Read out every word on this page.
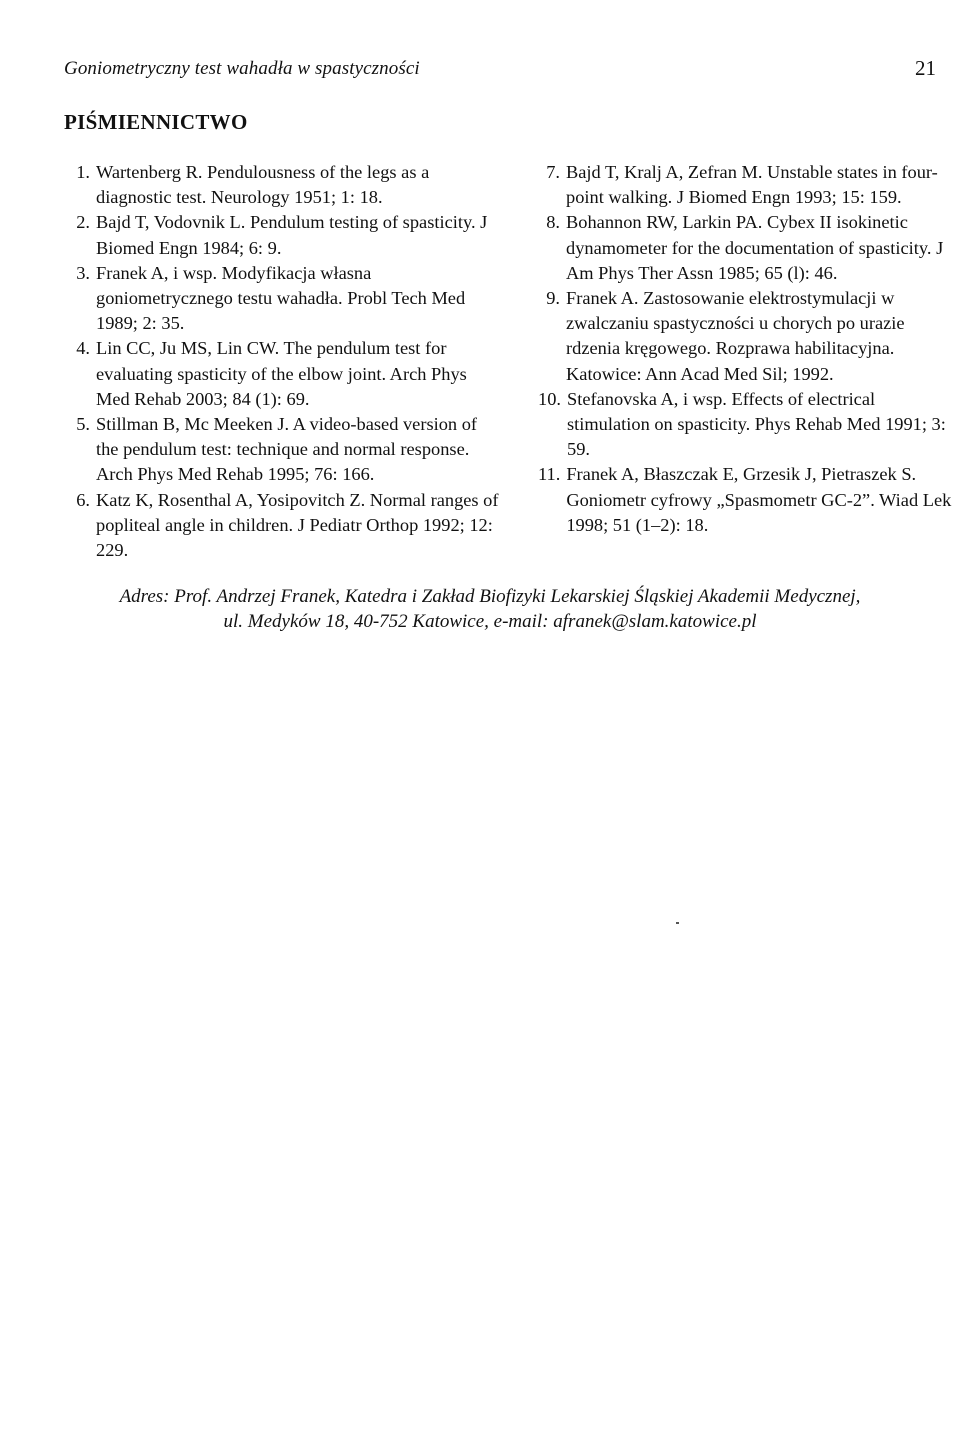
Goniometryczny test wahadła w spastyczności	21
PIŚMIENNICTWO
1. Wartenberg R. Pendulousness of the legs as a diagnostic test. Neurology 1951; 1: 18.
2. Bajd T, Vodovnik L. Pendulum testing of spasticity. J Biomed Engn 1984; 6: 9.
3. Franek A, i wsp. Modyfikacja własna goniometrycznego testu wahadła. Probl Tech Med 1989; 2: 35.
4. Lin CC, Ju MS, Lin CW. The pendulum test for evaluating spasticity of the elbow joint. Arch Phys Med Rehab 2003; 84 (1): 69.
5. Stillman B, Mc Meeken J. A video-based version of the pendulum test: technique and normal response. Arch Phys Med Rehab 1995; 76: 166.
6. Katz K, Rosenthal A, Yosipovitch Z. Normal ranges of popliteal angle in children. J Pediatr Orthop 1992; 12: 229.
7. Bajd T, Kralj A, Zefran M. Unstable states in four-point walking. J Biomed Engn 1993; 15: 159.
8. Bohannon RW, Larkin PA. Cybex II isokinetic dynamometer for the documentation of spasticity. J Am Phys Ther Assn 1985; 65 (l): 46.
9. Franek A. Zastosowanie elektrostymulacji w zwalczaniu spastyczności u chorych po urazie rdzenia kręgowego. Rozprawa habilitacyjna. Katowice: Ann Acad Med Sil; 1992.
10. Stefanovska A, i wsp. Effects of electrical stimulation on spasticity. Phys Rehab Med 1991; 3: 59.
11. Franek A, Błaszczak E, Grzesik J, Pietraszek S. Goniometr cyfrowy „Spasmometr GC-2”. Wiad Lek 1998; 51 (1–2): 18.
Adres: Prof. Andrzej Franek, Katedra i Zakład Biofizyki Lekarskiej Śląskiej Akademii Medycznej,
ul. Medyków 18, 40-752 Katowice, e-mail: afranek@slam.katowice.pl
